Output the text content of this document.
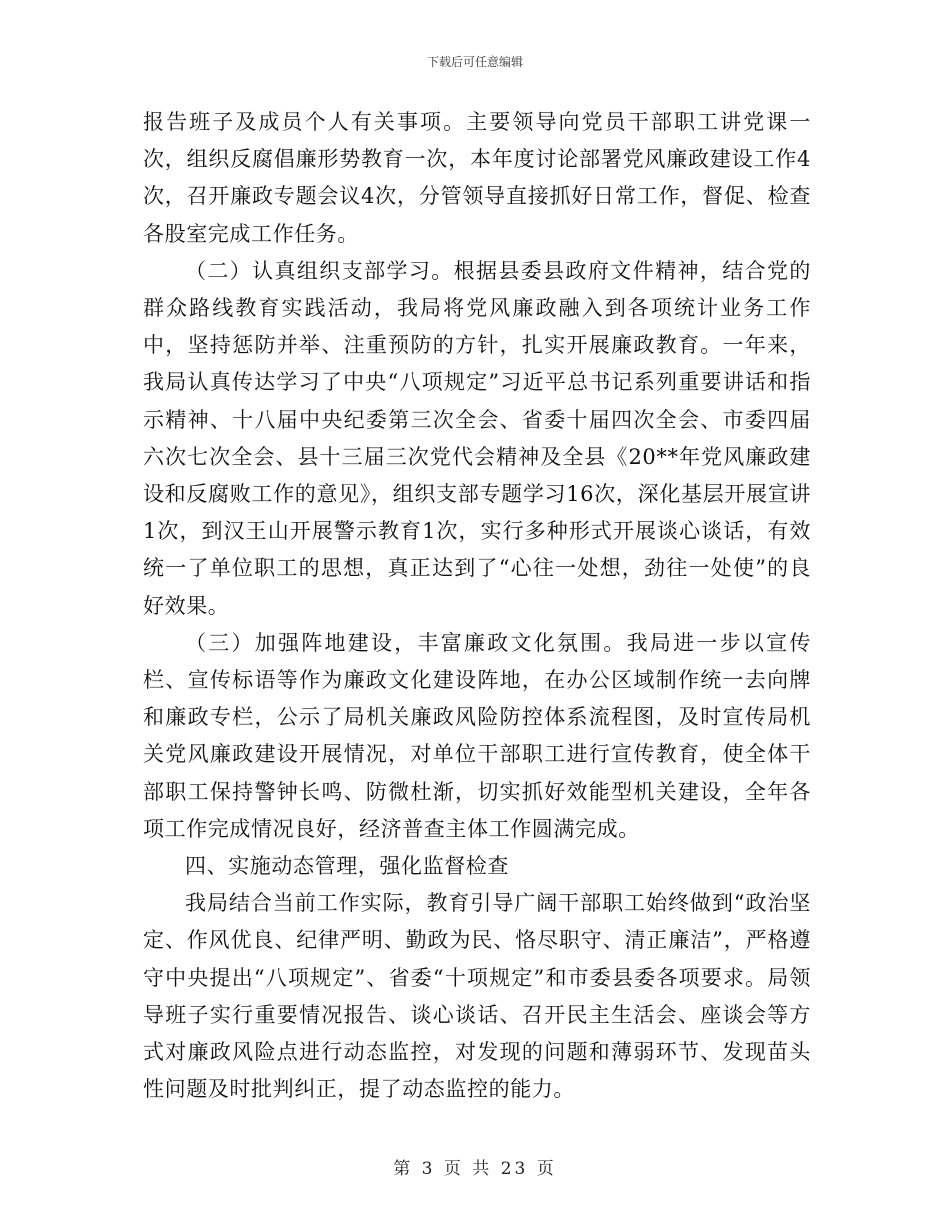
下载后可任意编辑

报告班子及成员个人有关事项。主要领导向党员干部职工讲党课一次，组织反腐倡廉形势教育一次，本年度讨论部署党风廉政建设工作4次，召开廉政专题会议4次，分管领导直接抓好日常工作，督促、检查各股室完成工作任务。

（二）认真组织支部学习。根据县委县政府文件精神，结合党的群众路线教育实践活动，我局将党风廉政融入到各项统计业务工作中，坚持惩防并举、注重预防的方针，扎实开展廉政教育。一年来，我局认真传达学习了中央“八项规定”习近平总书记系列重要讲话和指示精神、十八届中央纪委第三次全会、省委十届四次全会、市委四届六次七次全会、县十三届三次党代会精神及全县《20**年党风廉政建设和反腐败工作的意见》，组织支部专题学习16次，深化基层开展宣讲1次，到汉王山开展警示教育1次，实行多种形式开展谈心谈话，有效统一了单位职工的思想，真正达到了“心往一处想，劲往一处使”的良好效果。

（三）加强阵地建设，丰富廉政文化氛围。我局进一步以宣传栏、宣传标语等作为廉政文化建设阵地，在办公区域制作统一去向牌和廉政专栏，公示了局机关廉政风险防控体系流程图，及时宣传局机关党风廉政建设开展情况，对单位干部职工进行宣传教育，使全体干部职工保持警钟长鸣、防微杜渐，切实抓好效能型机关建设，全年各项工作完成情况良好，经济普查主体工作圆满完成。

四、实施动态管理，强化监督检查

我局结合当前工作实际，教育引导广阔干部职工始终做到“政治坚定、作风优良、纪律严明、勤政为民、恪尽职守、清正廉洁”，严格遵守中央提出“八项规定”、省委“十项规定”和市委县委各项要求。局领导班子实行重要情况报告、谈心谈话、召开民主生活会、座谈会等方式对廉政风险点进行动态监控，对发现的问题和薄弱环节、发现苗头性问题及时批判纠正，提了动态监控的能力。

第 3 页 共 23 页
